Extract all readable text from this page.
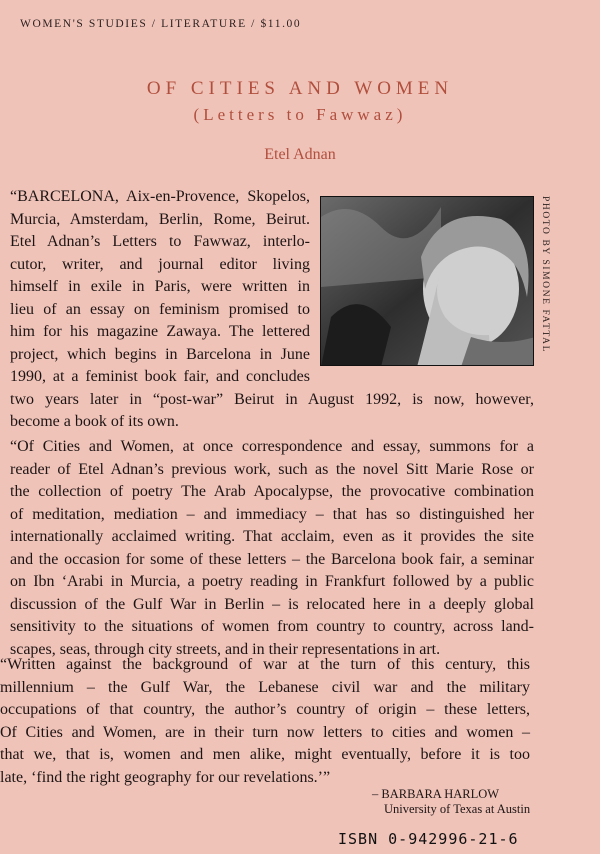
WOMEN'S STUDIES / LITERATURE / $11.00
OF CITIES AND WOMEN
(Letters to Fawwaz)
Etel Adnan
PHOTO BY SIMONE FATTAL
“BARCELONA, Aix-en-Provence, Skopelos,
Murcia, Amsterdam, Berlin, Rome, Beirut.
Etel Adnan’s Letters to Fawwaz, interlo-
cutor, writer, and journal editor living
himself in exile in Paris, were written in
lieu of an essay on feminism promised to
him for his magazine Zawaya. The lettered
project, which begins in Barcelona in June
1990, at a feminist book fair, and concludes
two years later in “post-war” Beirut in August 1992, is now, however,
become a book of its own.
“Of Cities and Women, at once correspondence and essay, summons for a
reader of Etel Adnan’s previous work, such as the novel Sitt Marie Rose or
the collection of poetry The Arab Apocalypse, the provocative combination
of meditation, mediation – and immediacy – that has so distinguished her
internationally acclaimed writing. That acclaim, even as it provides the site
and the occasion for some of these letters – the Barcelona book fair, a seminar
on Ibn ‘Arabi in Murcia, a poetry reading in Frankfurt followed by a public
discussion of the Gulf War in Berlin – is relocated here in a deeply global
sensitivity to the situations of women from country to country, across land-
scapes, seas, through city streets, and in their representations in art.
“Written against the background of war at the turn of this century, this
millennium – the Gulf War, the Lebanese civil war and the military
occupations of that country, the author’s country of origin – these letters,
Of Cities and Women, are in their turn now letters to cities and women –
that we, that is, women and men alike, might eventually, before it is too
late, ‘find the right geography for our revelations.’”
– BARBARA HARLOW
University of Texas at Austin
ISBN 0-942996-21-6
